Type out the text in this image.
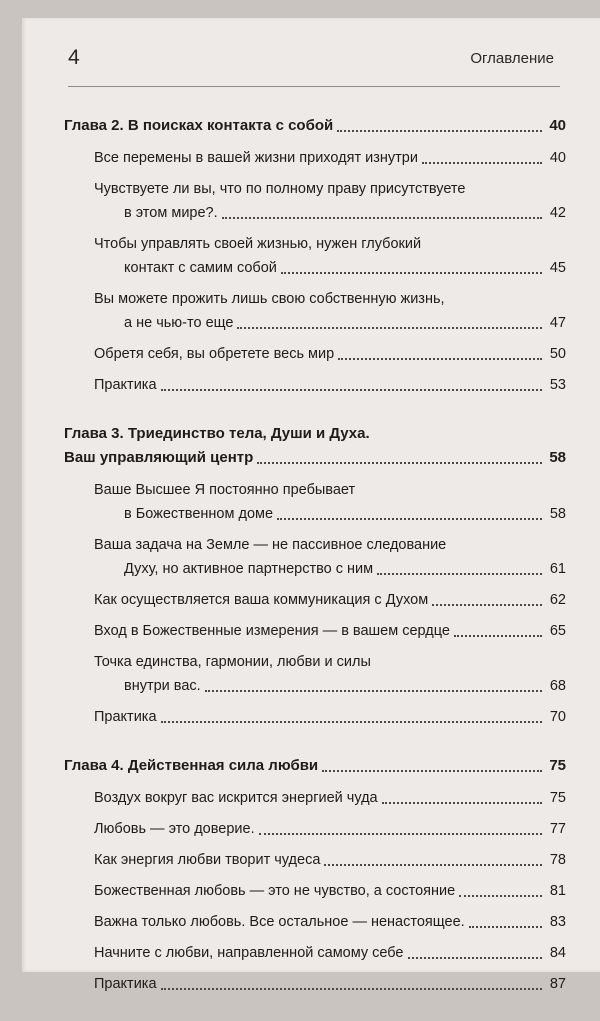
4	Оглавление
Глава 2. В поисках контакта с собой	40
Все перемены в вашей жизни приходят изнутри	40
Чувствуете ли вы, что по полному праву присутствуете
в этом мире?.	42
Чтобы управлять своей жизнью, нужен глубокий
контакт с самим собой	45
Вы можете прожить лишь свою собственную жизнь,
а не чью-то еще	47
Обретя себя, вы обретете весь мир	50
Практика	53
Глава 3. Триединство тела, Души и Духа.
Ваш управляющий центр	58
Ваше Высшее Я постоянно пребывает
в Божественном доме	58
Ваша задача на Земле — не пассивное следование
Духу, но активное партнерство с ним	61
Как осуществляется ваша коммуникация с Духом	62
Вход в Божественные измерения — в вашем сердце	65
Точка единства, гармонии, любви и силы
внутри вас.	68
Практика	70
Глава 4. Действенная сила любви	75
Воздух вокруг вас искрится энергией чуда	75
Любовь — это доверие.	77
Как энергия любви творит чудеса	78
Божественная любовь — это не чувство, а состояние	81
Важна только любовь. Все остальное — ненастоящее.	83
Начните с любви, направленной самому себе	84
Практика	87
